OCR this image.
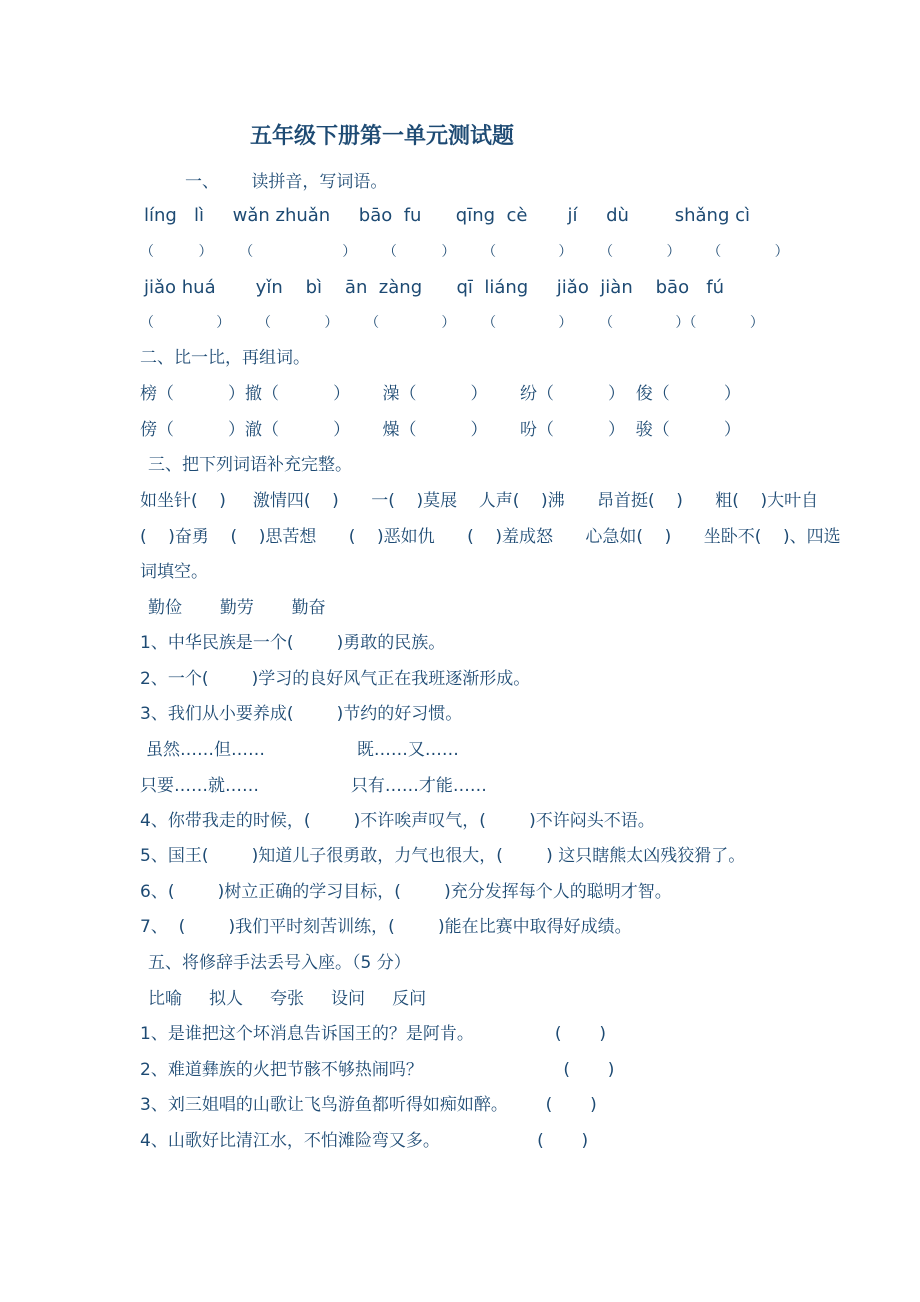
五年级下册第一单元测试题
一、      读拼音，写词语。
líng   lì     wǎn zhuǎn     bāo  fu      qīng  cè       jí     dù        shǎng cì
（          ）      （                    ）      （          ）      （              ）      （            ）      （            ）
jiǎo huá       yǐn    bì    ān  zàng      qī  liáng     jiǎo  jiàn    bāo   fú
（              ）      （            ）      （              ）      （              ）      （              ）（            ）
二、比一比，再组词。
榜（          ）撤（          ）      澡（          ）      纷（          ）  俊（          ）
傍（          ）澈（          ）      燥（          ）      吩（          ）  骏（          ）
三、把下列词语补充完整。
如坐针(    )     激情四(    )      一(    )莫展    人声(    )沸      昂首挺(    )      粗(    )大叶自
(    )奋勇    (    )思苦想      (    )恶如仇      (    )羞成怒      心急如(    )      坐卧不(    )、四选
词填空。
勤俭       勤劳       勤奋
1、中华民族是一个(        )勇敢的民族。
2、一个(        )学习的良好风气正在我班逐渐形成。
3、我们从小要养成(        )节约的好习惯。
虽然……但……                 既……又……
只要……就……                 只有……才能……
4、你带我走的时候，(        )不许唉声叹气，(        )不许闷头不语。
5、国王(        )知道儿子很勇敢，力气也很大，(        ) 这只瞎熊太凶残狡猾了。
6、(        )树立正确的学习目标，(        )充分发挥每个人的聪明才智。
7、  (        )我们平时刻苦训练，(        )能在比赛中取得好成绩。
五、将修辞手法丢号入座。（5 分）
比喻     拟人     夸张     设问     反问
1、是谁把这个坏消息告诉国王的？是阿肯。               (       )
2、难道彝族的火把节骸不够热闹吗？                          (       )
3、刘三姐唱的山歌让飞鸟游鱼都听得如痴如醉。       (       )
4、山歌好比清江水，不怕滩险弯又多。                  (       )
